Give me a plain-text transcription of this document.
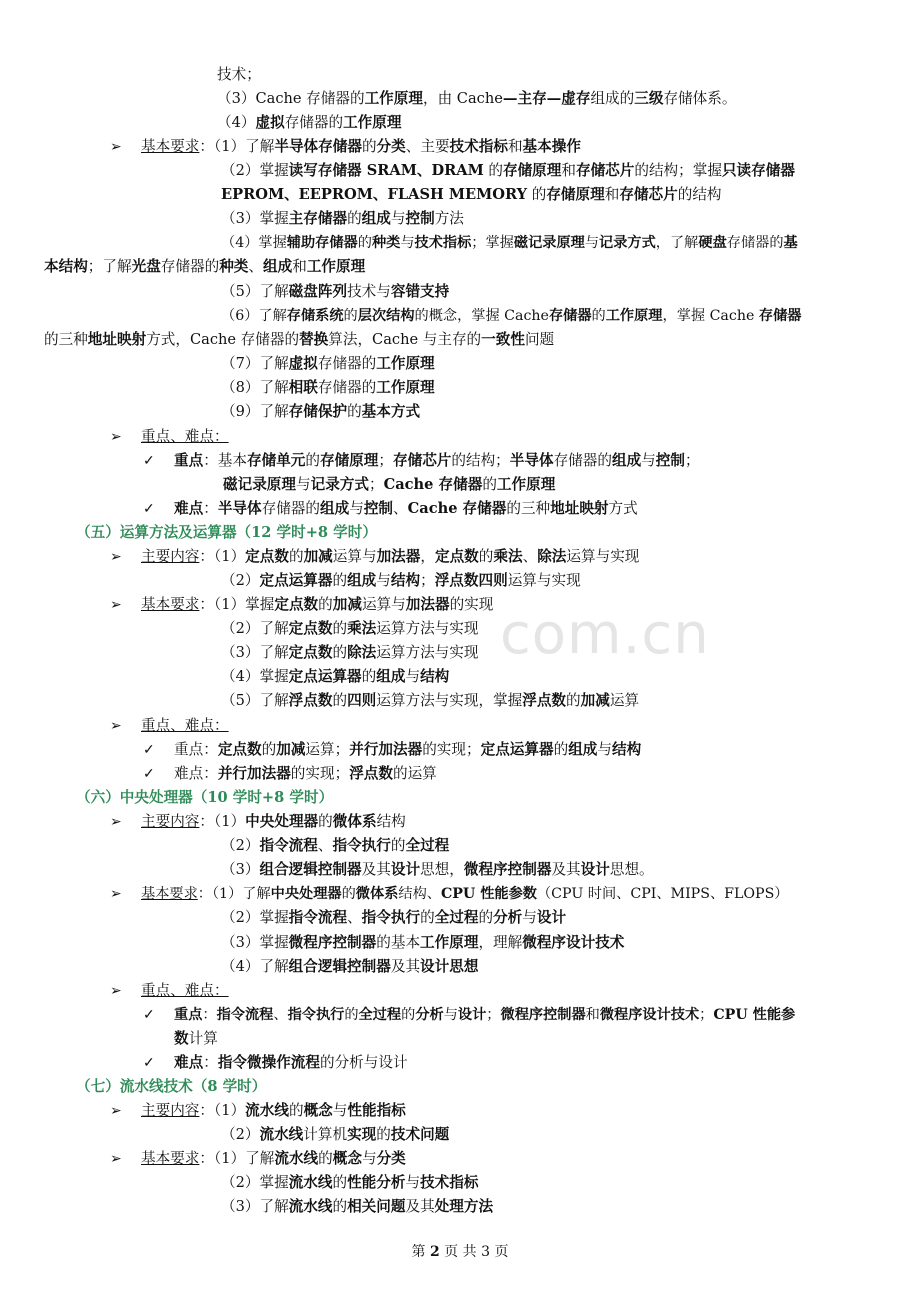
com.cn
技术；
（3）Cache 存储器的工作原理，由 Cache—主存—虚存组成的三级存储体系。
（4）虚拟存储器的工作原理
➢ 基本要求：（1）了解半导体存储器的分类、主要技术指标和基本操作
（2）掌握读写存储器 SRAM、DRAM 的存储原理和存储芯片的结构；掌握只读存储器
EPROM、EEPROM、FLASH MEMORY 的存储原理和存储芯片的结构
（3）掌握主存储器的组成与控制方法
（4）掌握辅助存储器的种类与技术指标；掌握磁记录原理与记录方式，了解硬盘存储器的基
本结构；了解光盘存储器的种类、组成和工作原理
（5）了解磁盘阵列技术与容错支持
（6）了解存储系统的层次结构的概念，掌握 Cache存储器的工作原理，掌握 Cache 存储器
的三种地址映射方式，Cache 存储器的替换算法，Cache 与主存的一致性问题
（7）了解虚拟存储器的工作原理
（8）了解相联存储器的工作原理
（9）了解存储保护的基本方式
➢ 重点、难点：
✓ 重点：基本存储单元的存储原理；存储芯片的结构；半导体存储器的组成与控制；
磁记录原理与记录方式；Cache 存储器的工作原理
✓ 难点：半导体存储器的组成与控制、Cache 存储器的三种地址映射方式
（五）运算方法及运算器（12 学时+8 学时）
➢ 主要内容：（1）定点数的加减运算与加法器，定点数的乘法、除法运算与实现
（2）定点运算器的组成与结构；浮点数四则运算与实现
➢ 基本要求：（1）掌握定点数的加减运算与加法器的实现
（2）了解定点数的乘法运算方法与实现
（3）了解定点数的除法运算方法与实现
（4）掌握定点运算器的组成与结构
（5）了解浮点数的四则运算方法与实现，掌握浮点数的加减运算
➢ 重点、难点：
✓ 重点：定点数的加减运算；并行加法器的实现；定点运算器的组成与结构
✓ 难点：并行加法器的实现；浮点数的运算
（六）中央处理器（10 学时+8 学时）
➢ 主要内容：（1）中央处理器的微体系结构
（2）指令流程、指令执行的全过程
（3）组合逻辑控制器及其设计思想，微程序控制器及其设计思想。
➢ 基本要求：（1）了解中央处理器的微体系结构、CPU 性能参数（CPU 时间、CPI、MIPS、FLOPS）
（2）掌握指令流程、指令执行的全过程的分析与设计
（3）掌握微程序控制器的基本工作原理，理解微程序设计技术
（4）了解组合逻辑控制器及其设计思想
➢ 重点、难点：
✓ 重点：指令流程、指令执行的全过程的分析与设计；微程序控制器和微程序设计技术；CPU 性能参
数计算
✓ 难点：指令微操作流程的分析与设计
（七）流水线技术（8 学时）
➢ 主要内容：（1）流水线的概念与性能指标
（2）流水线计算机实现的技术问题
➢ 基本要求：（1）了解流水线的概念与分类
（2）掌握流水线的性能分析与技术指标
（3）了解流水线的相关问题及其处理方法
第 2 页 共 3 页
